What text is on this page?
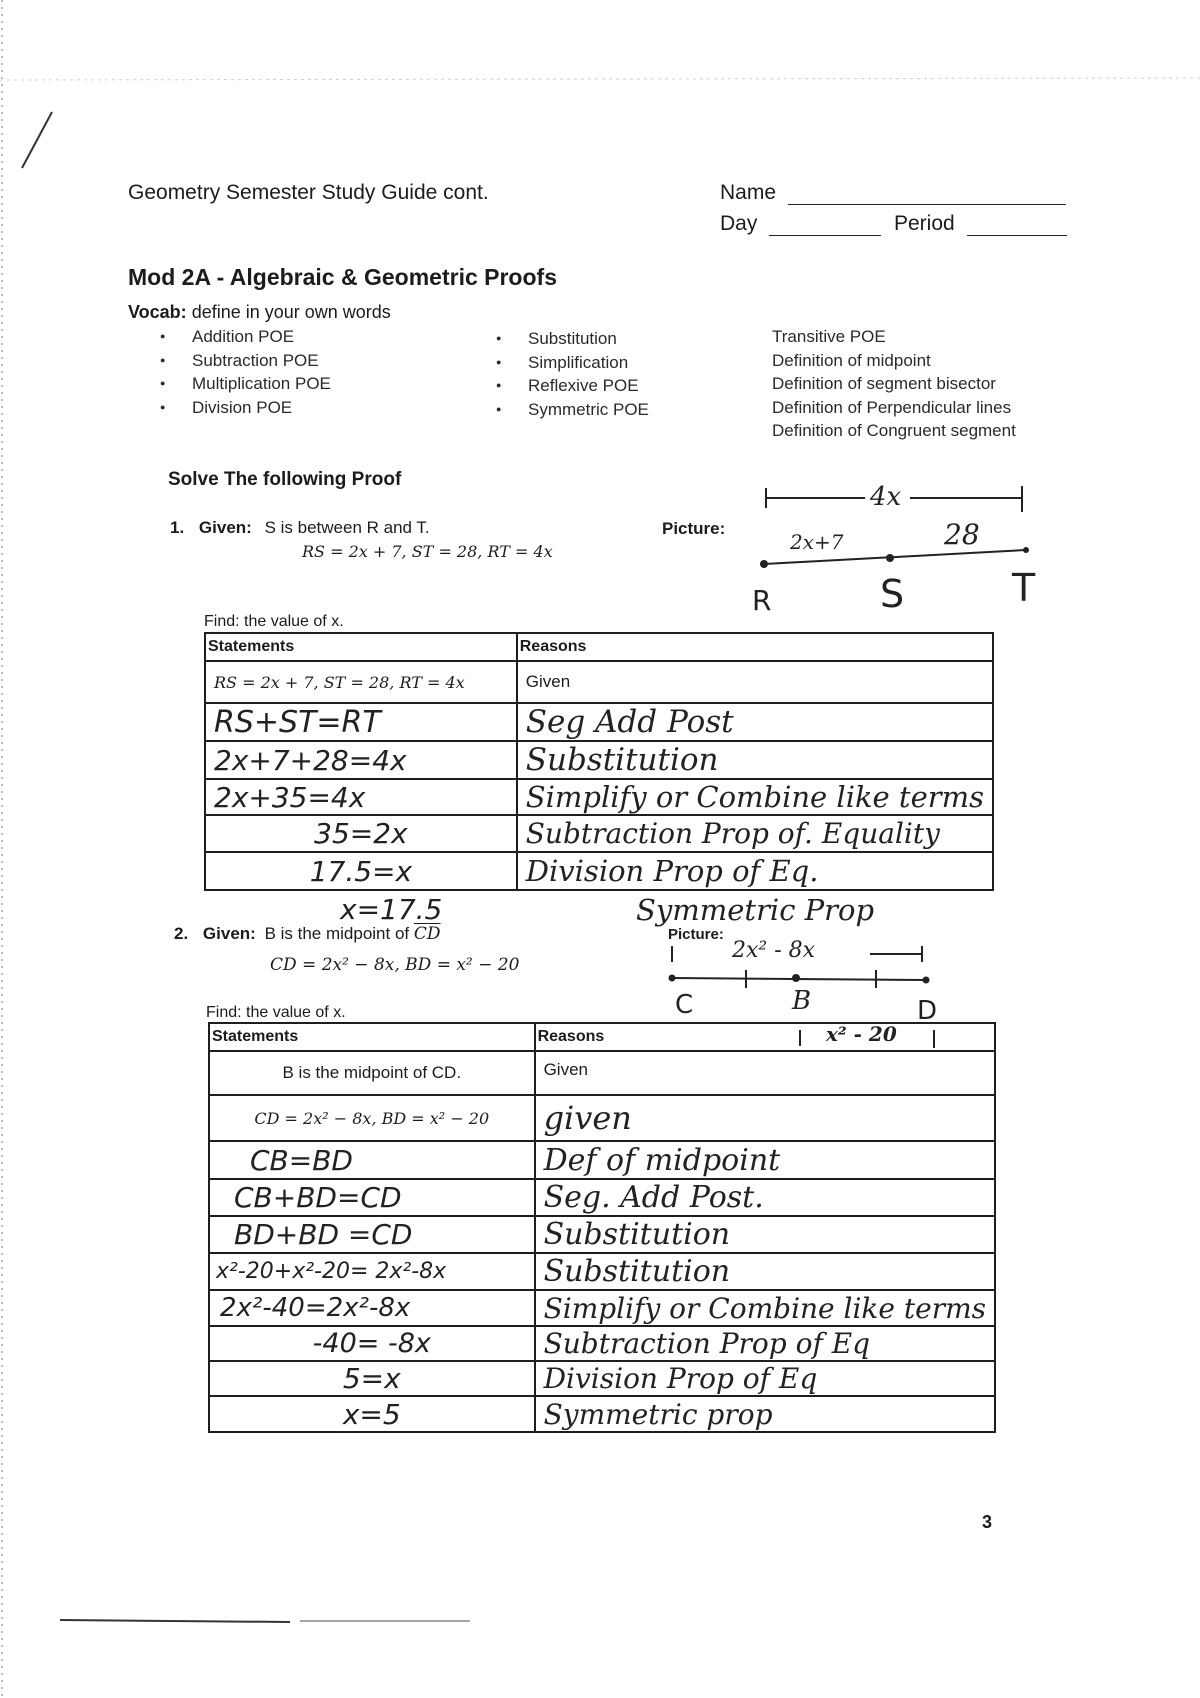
Geometry Semester Study Guide cont.	Name
Day	Period
Mod 2A - Algebraic & Geometric Proofs
Vocab: define in your own words
● Addition POE
● Subtraction POE
● Multiplication POE
● Division POE
● Substitution
● Simplification
● Reflexive POE
● Symmetric POE
Transitive POE
Definition of midpoint
Definition of segment bisector
Definition of Perpendicular lines
Definition of Congruent segment
Solve The following Proof
1. Given: S is between R and T.
RS = 2x + 7, ST = 28, RT = 4x
Picture:
4x
2x+7	28
R	S	T
Find: the value of x.
Statements	Reasons
RS = 2x + 7, ST = 28, RT = 4x	Given
RS+ST=RT	Seg Add Post
2x+7+28=4x	Substitution
2x+35=4x	Simplify or Combine like terms
35=2x	Subtraction Prop of. Equality
17.5=x	Division Prop of Eq.
x=17.5	Symmetric Prop
2. Given: B is the midpoint of $\overline{CD}$
CD = 2x² − 8x, BD = x² − 20
Picture:
2x² - 8x
C	B	D
x² - 20
Find: the value of x.
Statements	Reasons
B is the midpoint of CD.	Given
CD = 2x² − 8x, BD = x² − 20	given
CB=BD	Def of midpoint
CB+BD=CD	Seg. Add Post.
BD+BD =CD	Substitution
x²-20+x²-20= 2x²-8x	Substitution
2x²-40=2x²-8x	Simplify or Combine like terms
-40= -8x	Subtraction Prop of Eq
5=x	Division Prop of Eq
x=5	Symmetric prop
3
